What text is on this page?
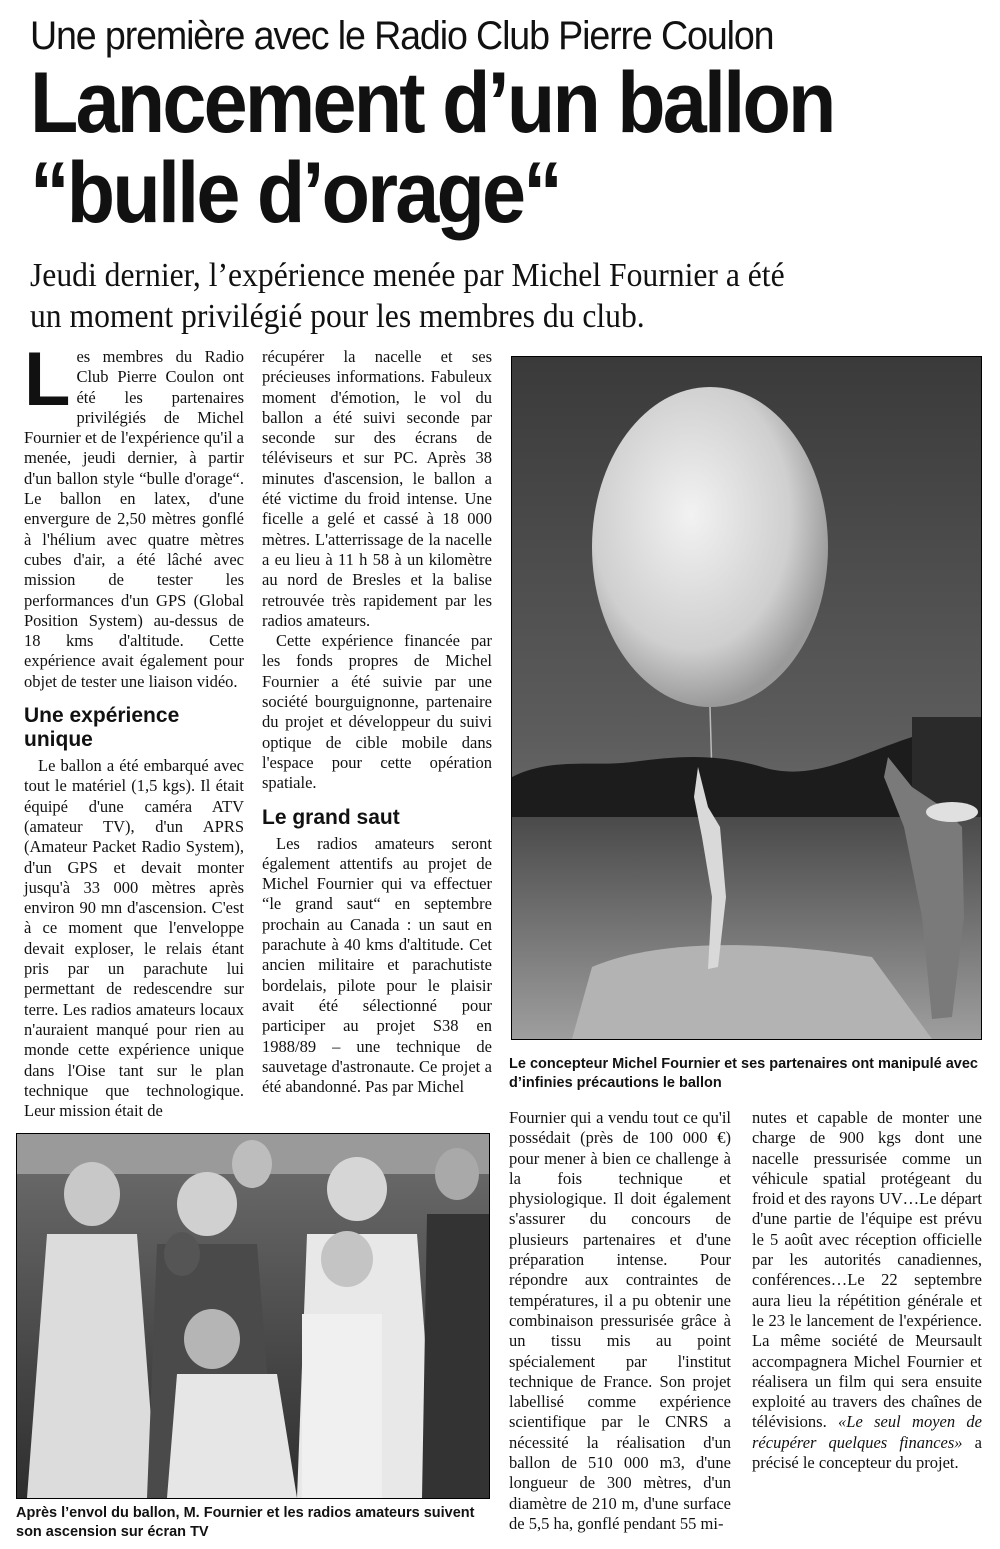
Une première avec le Radio Club Pierre Coulon
Lancement d’un ballon
“bulle d’orage“
Jeudi dernier, l’expérience menée par Michel Fournier a été
un moment privilégié pour les membres du club.

Les membres du Radio Club Pierre Coulon ont été les partenaires privilégiés de Michel Fournier et de l'expérience qu'il a menée, jeudi dernier, à partir d'un ballon style “bulle d'orage“. Le ballon en latex, d'une envergure de 2,50 mètres gonflé à l'hélium avec quatre mètres cubes d'air, a été lâché avec mission de tester les performances d'un GPS (Global Position System) au-dessus de 18 kms d'altitude. Cette expérience avait également pour objet de tester une liaison vidéo.

Une expérience unique

Le ballon a été embarqué avec tout le matériel (1,5 kgs). Il était équipé d'une caméra ATV (amateur TV), d'un APRS (Amateur Packet Radio System), d'un GPS et devait monter jusqu'à 33 000 mètres après environ 90 mn d'ascension. C'est à ce moment que l'enveloppe devait exploser, le relais étant pris par un parachute lui permettant de redescendre sur terre. Les radios amateurs locaux n'auraient manqué pour rien au monde cette expérience unique dans l'Oise tant sur le plan technique que technologique. Leur mission était de

récupérer la nacelle et ses précieuses informations. Fabuleux moment d'émotion, le vol du ballon a été suivi seconde par seconde sur des écrans de téléviseurs et sur PC. Après 38 minutes d'ascension, le ballon a été victime du froid intense. Une ficelle a gelé et cassé à 18 000 mètres. L'atterrissage de la nacelle a eu lieu à 11 h 58 à un kilomètre au nord de Bresles et la balise retrouvée très rapidement par les radios amateurs.

Cette expérience financée par les fonds propres de Michel Fournier a été suivie par une société bourguignonne, partenaire du projet et développeur du suivi optique de cible mobile dans l'espace pour cette opération spatiale.

Le grand saut

Les radios amateurs seront également attentifs au projet de Michel Fournier qui va effectuer “le grand saut“ en septembre prochain au Canada : un saut en parachute à 40 kms d'altitude. Cet ancien militaire et parachutiste bordelais, pilote pour le plaisir avait été sélectionné pour participer au projet S38 en 1988/89 – une technique de sauvetage d'astronaute. Ce projet a été abandonné. Pas par Michel

Le concepteur Michel Fournier et ses partenaires ont manipulé avec d’infinies précautions le ballon
Après l’envol du ballon, M. Fournier et les radios amateurs suivent son ascension sur écran TV

Fournier qui a vendu tout ce qu'il possédait (près de 100 000 €) pour mener à bien ce challenge à la fois technique et physiologique. Il doit également s'assurer du concours de plusieurs partenaires et d'une préparation intense. Pour répondre aux contraintes de températures, il a pu obtenir une combinaison pressurisée grâce à un tissu mis au point spécialement par l'institut technique de France. Son projet labellisé comme expérience scientifique par le CNRS a nécessité la réalisation d'un ballon de 510 000 m3, d'une longueur de 300 mètres, d'un diamètre de 210 m, d'une surface de 5,5 ha, gonflé pendant 55 mi-

nutes et capable de monter une charge de 900 kgs dont une nacelle pressurisée comme un véhicule spatial protégeant du froid et des rayons UV…Le départ d'une partie de l'équipe est prévu le 5 août avec réception officielle par les autorités canadiennes, conférences…Le 22 septembre aura lieu la répétition générale et le 23 le lancement de l'expérience. La même société de Meursault accompagnera Michel Fournier et réalisera un film qui sera ensuite exploité au travers des chaînes de télévisions. «Le seul moyen de récupérer quelques finances» a précisé le concepteur du projet.
